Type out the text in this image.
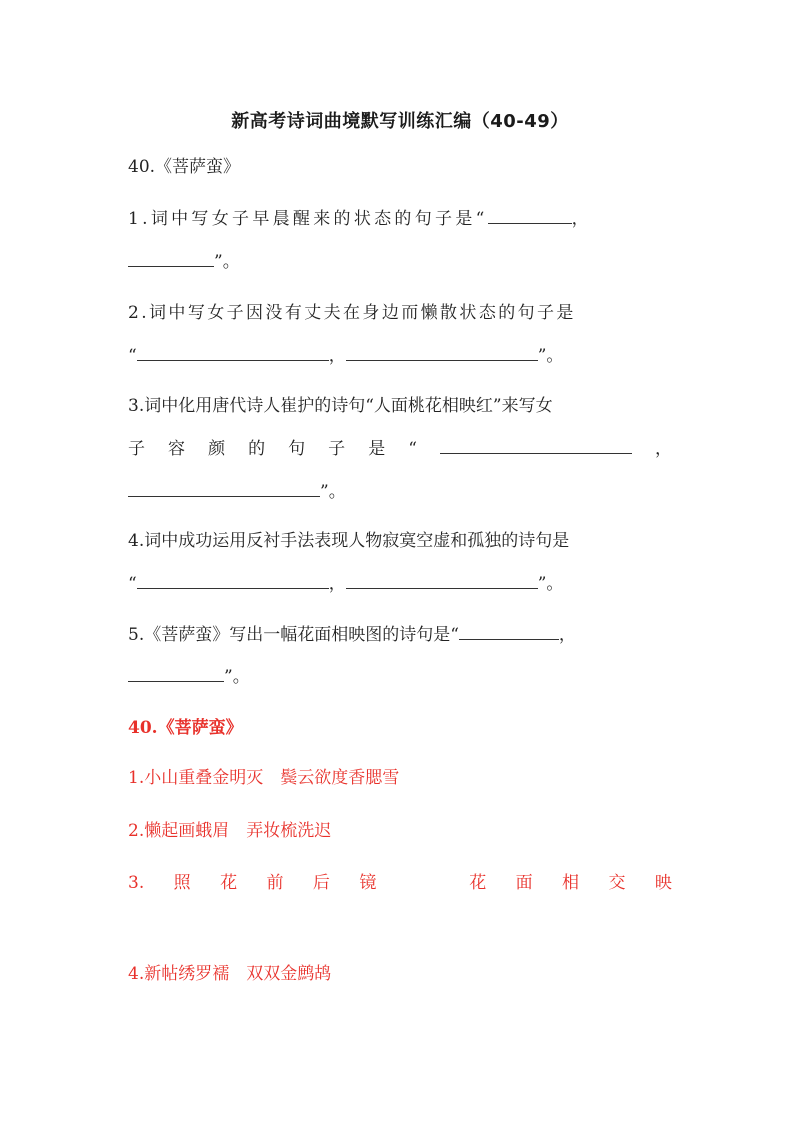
新高考诗词曲境默写训练汇编（40-49）
40.《菩萨蛮》
1.词中写女子早晨醒来的状态的句子是“	，
”。
2.词中写女子因没有丈夫在身边而懒散状态的句子是
“	，	”。
3.词中化用唐代诗人崔护的诗句“人面桃花相映红”来写女
子 容 颜 的 句 子 是 “	，
”。
4.词中成功运用反衬手法表现人物寂寞空虚和孤独的诗句是
“	，	”。
5.《菩萨蛮》写出一幅花面相映图的诗句是“	，
”。
40.《菩萨蛮》
1.小山重叠金明灭　鬓云欲度香腮雪
2.懒起画蛾眉　弄妆梳洗迟
3. 照 花 前 后 镜	花 面 相 交 映
4.新帖绣罗襦　双双金鹧鸪
